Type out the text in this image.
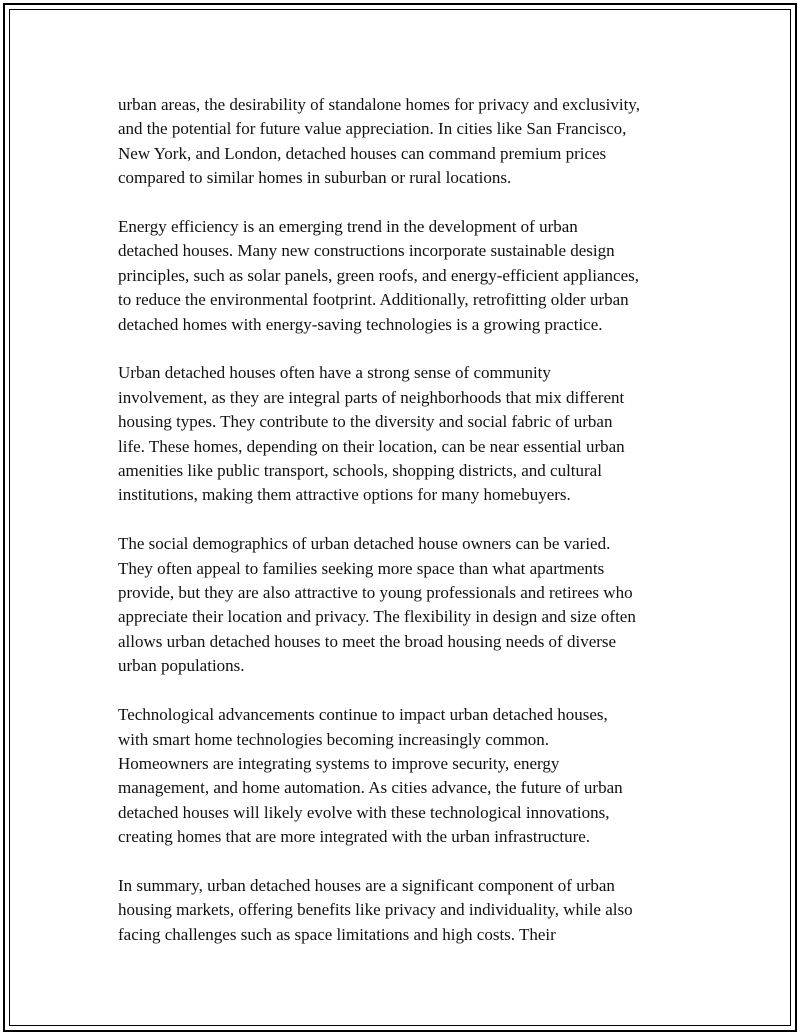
urban areas, the desirability of standalone homes for privacy and exclusivity,
and the potential for future value appreciation. In cities like San Francisco,
New York, and London, detached houses can command premium prices
compared to similar homes in suburban or rural locations.

Energy efficiency is an emerging trend in the development of urban
detached houses. Many new constructions incorporate sustainable design
principles, such as solar panels, green roofs, and energy-efficient appliances,
to reduce the environmental footprint. Additionally, retrofitting older urban
detached homes with energy-saving technologies is a growing practice.

Urban detached houses often have a strong sense of community
involvement, as they are integral parts of neighborhoods that mix different
housing types. They contribute to the diversity and social fabric of urban
life. These homes, depending on their location, can be near essential urban
amenities like public transport, schools, shopping districts, and cultural
institutions, making them attractive options for many homebuyers.

The social demographics of urban detached house owners can be varied.
They often appeal to families seeking more space than what apartments
provide, but they are also attractive to young professionals and retirees who
appreciate their location and privacy. The flexibility in design and size often
allows urban detached houses to meet the broad housing needs of diverse
urban populations.

Technological advancements continue to impact urban detached houses,
with smart home technologies becoming increasingly common.
Homeowners are integrating systems to improve security, energy
management, and home automation. As cities advance, the future of urban
detached houses will likely evolve with these technological innovations,
creating homes that are more integrated with the urban infrastructure.

In summary, urban detached houses are a significant component of urban
housing markets, offering benefits like privacy and individuality, while also
facing challenges such as space limitations and high costs. Their
